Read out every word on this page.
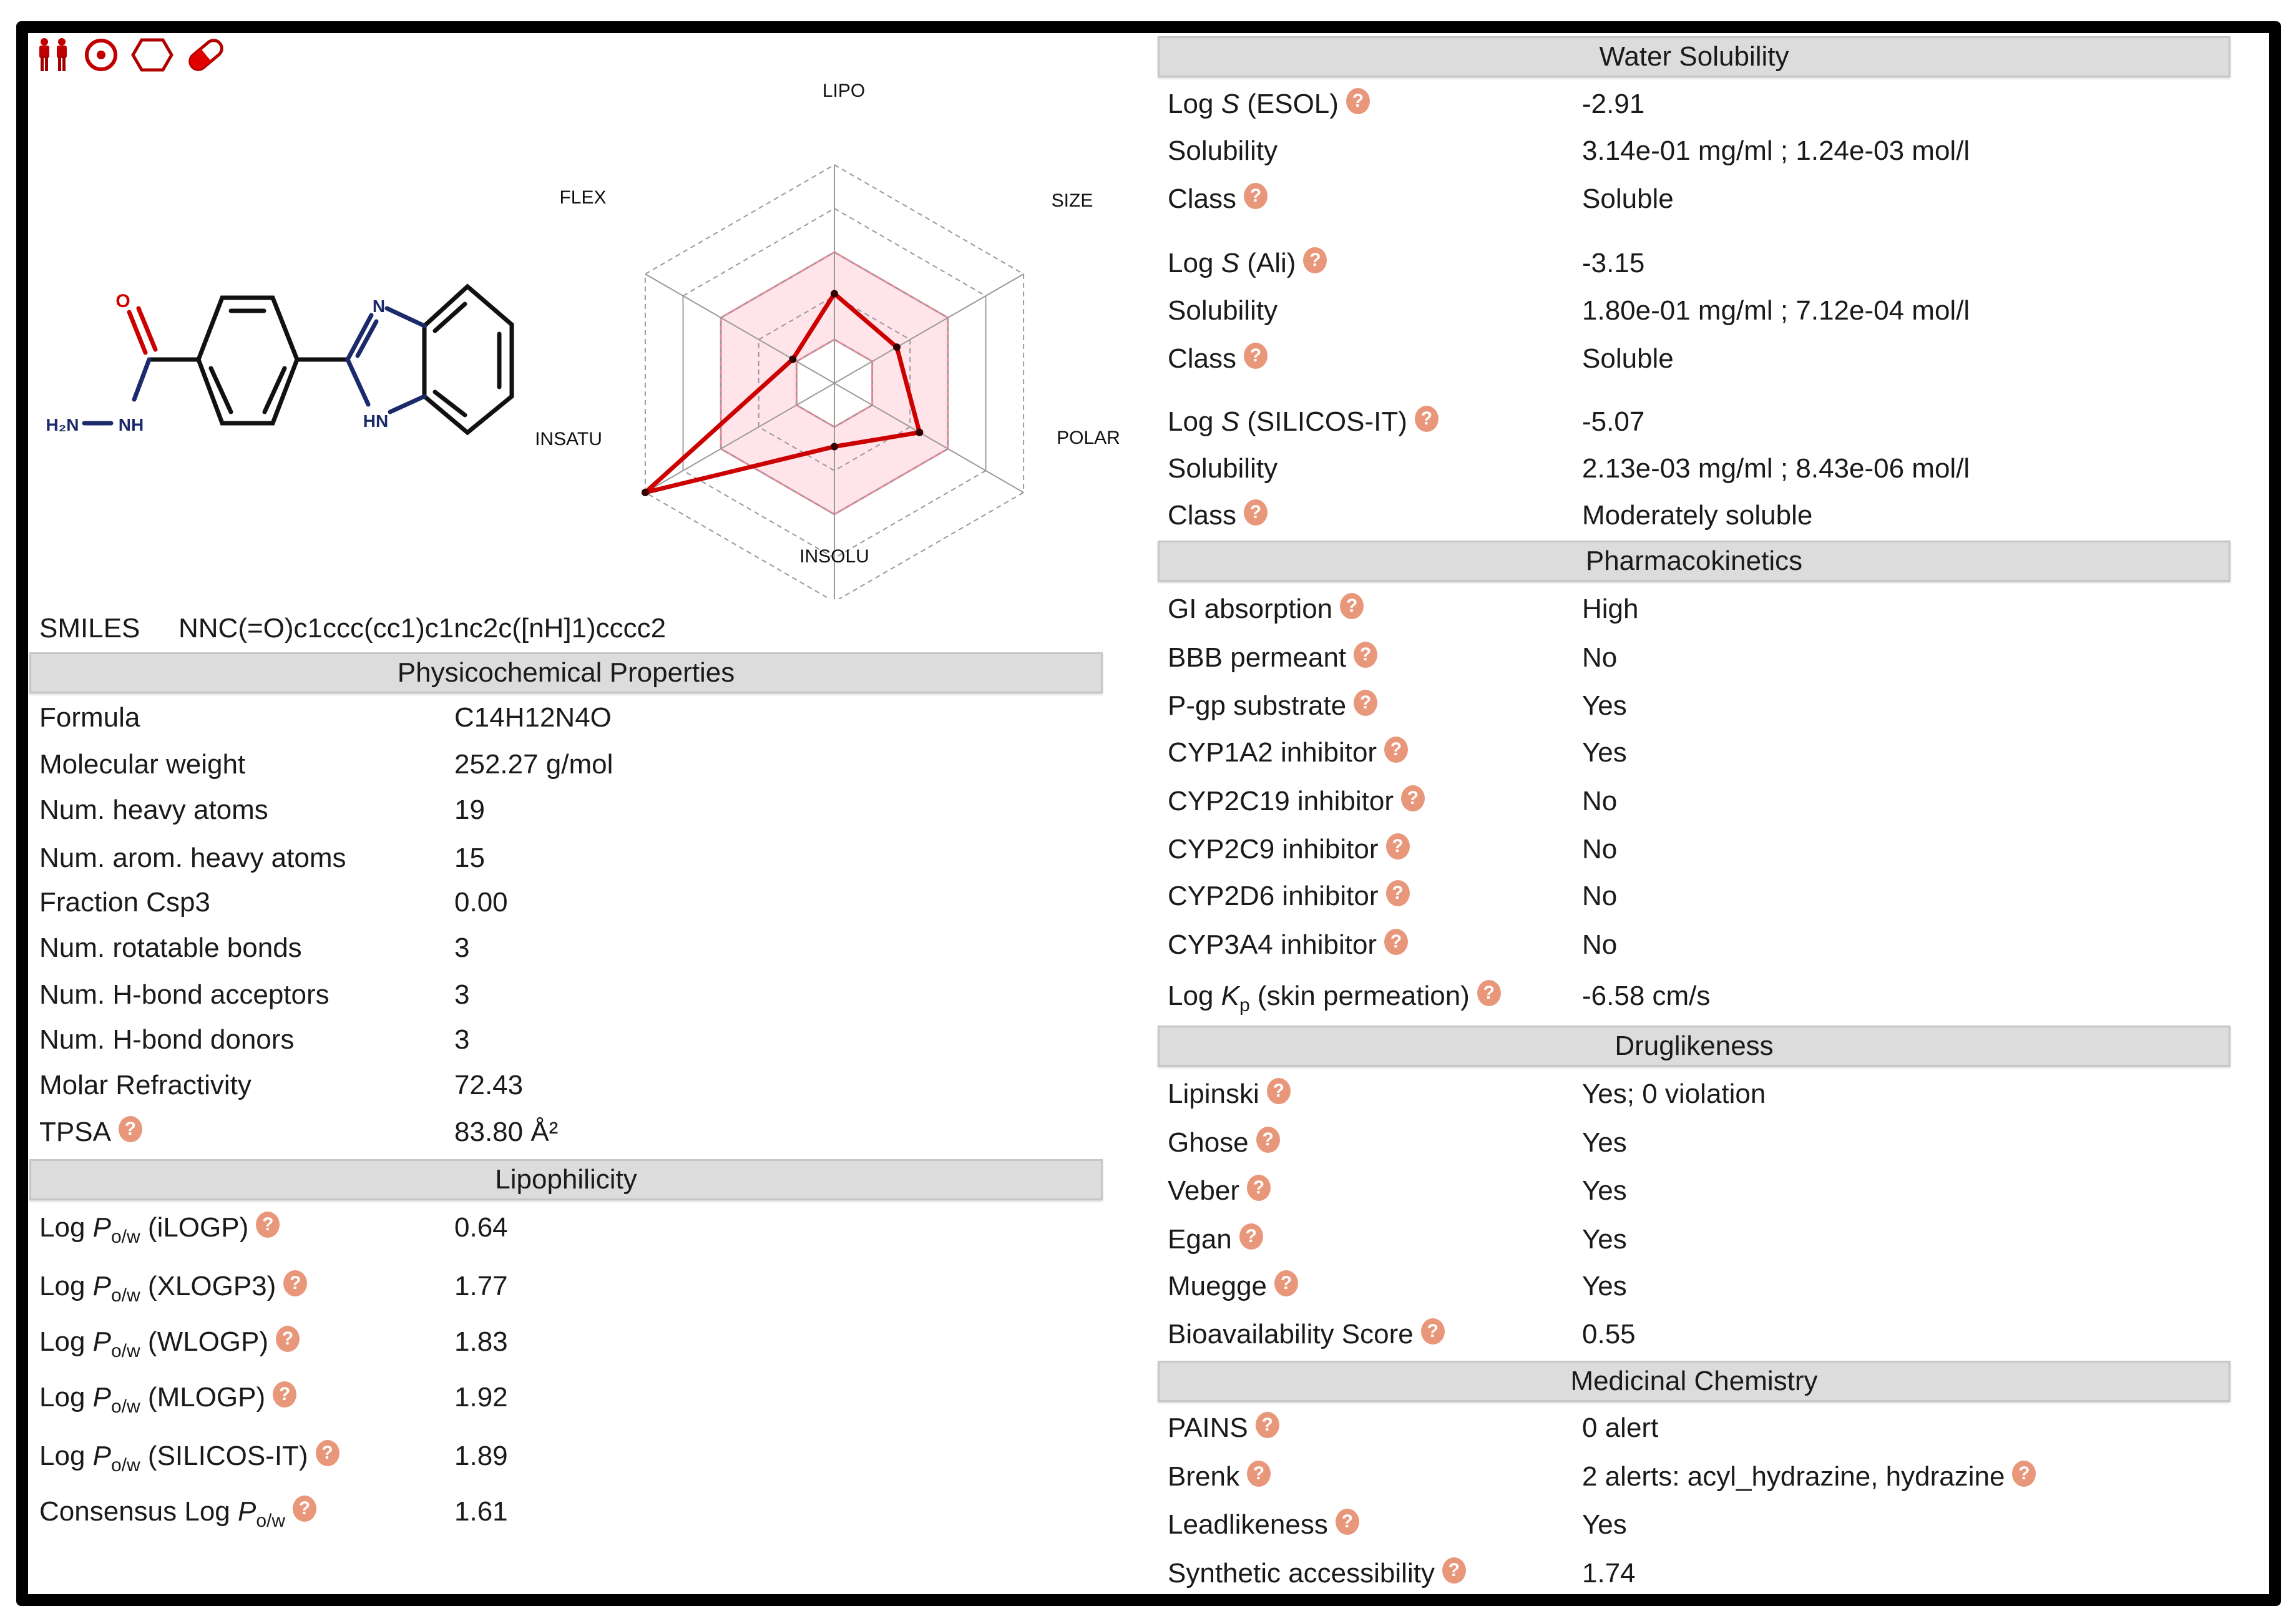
O
H₂N NH
N
HN
LIPO
SIZE
POLAR
INSOLU
INSATU
FLEX
SMILES NNC(=O)c1ccc(cc1)c1nc2c([nH]1)cccc2
Physicochemical Properties
Formula	C14H12N4O
Molecular weight	252.27 g/mol
Num. heavy atoms	19
Num. arom. heavy atoms	15
Fraction Csp3	0.00
Num. rotatable bonds	3
Num. H-bond acceptors	3
Num. H-bond donors	3
Molar Refractivity	72.43
TPSA ?	83.80 Å²
Lipophilicity
Log $P_{o/w}$ (iLOGP) ?	0.64
Log $P_{o/w}$ (XLOGP3) ?	1.77
Log $P_{o/w}$ (WLOGP) ?	1.83
Log $P_{o/w}$ (MLOGP) ?	1.92
Log $P_{o/w}$ (SILICOS-IT) ?	1.89
Consensus Log $P_{o/w}$?	1.61
Water Solubility
Log S (ESOL) ?	-2.91
Solubility	3.14e-01 mg/ml ; 1.24e-03 mol/l
Class ?	Soluble
Log S (Ali) ?	-3.15
Solubility	1.80e-01 mg/ml ; 7.12e-04 mol/l
Class ?	Soluble
Log S (SILICOS-IT) ?	-5.07
Solubility	2.13e-03 mg/ml ; 8.43e-06 mol/l
Class ?	Moderately soluble
Pharmacokinetics
GI absorption ?	High
BBB permeant ?	No
P-gp substrate ?	Yes
CYP1A2 inhibitor ?	Yes
CYP2C19 inhibitor ?	No
CYP2C9 inhibitor ?	No
CYP2D6 inhibitor ?	No
CYP3A4 inhibitor ?	No
Log $K_p$ (skin permeation) ?	-6.58 cm/s
Druglikeness
Lipinski ?	Yes; 0 violation
Ghose ?	Yes
Veber ?	Yes
Egan ?	Yes
Muegge ?	Yes
Bioavailability Score ?	0.55
Medicinal Chemistry
PAINS ?	0 alert
Brenk ?	2 alerts: acyl_hydrazine, hydrazine ?
Leadlikeness ?	Yes
Synthetic accessibility ?	1.74
